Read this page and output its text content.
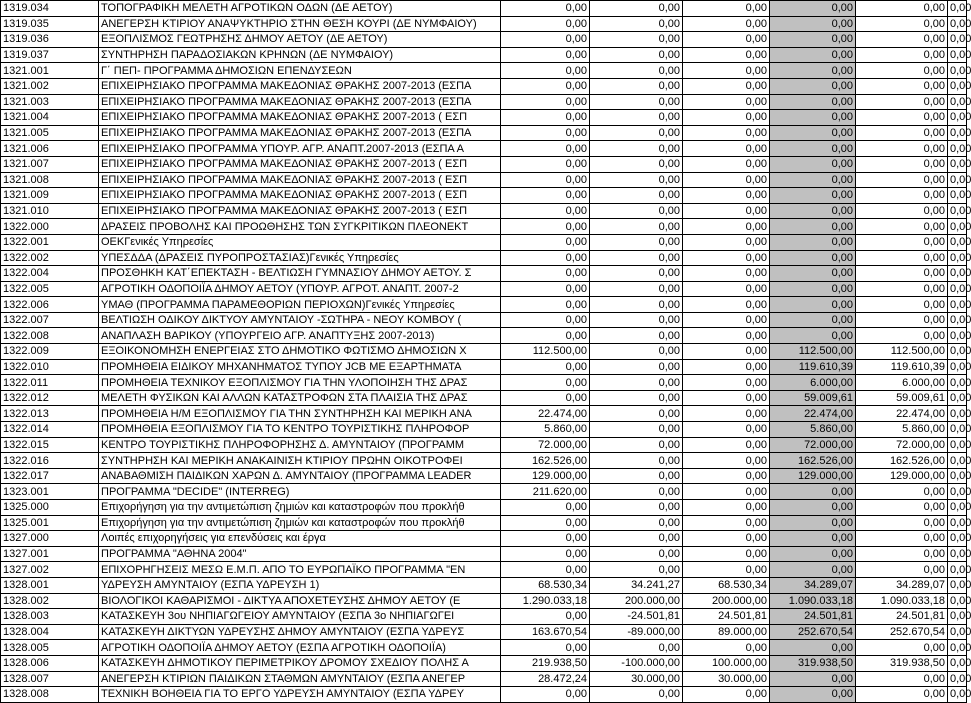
1319.034	ΤΟΠΟΓΡΑΦΙΚΗ ΜΕΛΕΤΗ ΑΓΡΟΤΙΚΩΝ ΟΔΩΝ (ΔΕ ΑΕΤΟΥ)	0,00	0,00	0,00	0,00	0,00	0,00
1319.035	ΑΝΕΓΕΡΣΗ ΚΤΙΡΙΟΥ ΑΝΑΨΥΚΤΗΡΙΟ ΣΤΗΝ ΘΕΣΗ ΚΟΥΡΙ (ΔΕ ΝΥΜΦΑΙΟΥ)	0,00	0,00	0,00	0,00	0,00	0,00
1319.036	ΕΞΟΠΛΙΣΜΟΣ ΓΕΩΤΡΗΣΗΣ ΔΗΜΟΥ ΑΕΤΟΥ (ΔΕ ΑΕΤΟΥ)	0,00	0,00	0,00	0,00	0,00	0,00
1319.037	ΣΥΝΤΗΡΗΣΗ ΠΑΡΑΔΟΣΙΑΚΩΝ ΚΡΗΝΩΝ (ΔΕ ΝΥΜΦΑΙΟΥ)	0,00	0,00	0,00	0,00	0,00	0,00
1321.001	Γ΄ ΠΕΠ- ΠΡΟΓΡΑΜΜΑ ΔΗΜΟΣΙΩΝ ΕΠΕΝΔΥΣΕΩΝ	0,00	0,00	0,00	0,00	0,00	0,00
1321.002	ΕΠΙΧΕΙΡΗΣΙΑΚΟ ΠΡΟΓΡΑΜΜΑ ΜΑΚΕΔΟΝΙΑΣ ΘΡΑΚΗΣ 2007-2013 (ΕΣΠΑ	0,00	0,00	0,00	0,00	0,00	0,00
1321.003	ΕΠΙΧΕΙΡΗΣΙΑΚΟ ΠΡΟΓΡΑΜΜΑ ΜΑΚΕΔΟΝΙΑΣ ΘΡΑΚΗΣ 2007-2013 (ΕΣΠΑ	0,00	0,00	0,00	0,00	0,00	0,00
1321.004	ΕΠΙΧΕΙΡΗΣΙΑΚΟ ΠΡΟΓΡΑΜΜΑ ΜΑΚΕΔΟΝΙΑΣ ΘΡΑΚΗΣ 2007-2013 ( ΕΣΠ	0,00	0,00	0,00	0,00	0,00	0,00
1321.005	ΕΠΙΧΕΙΡΗΣΙΑΚΟ ΠΡΟΓΡΑΜΜΑ ΜΑΚΕΔΟΝΙΑΣ ΘΡΑΚΗΣ 2007-2013 (ΕΣΠΑ	0,00	0,00	0,00	0,00	0,00	0,00
1321.006	ΕΠΙΧΕΙΡΗΣΙΑΚΟ ΠΡΟΓΡΑΜΜΑ ΥΠΟΥΡ. ΑΓΡ. ΑΝΑΠΤ.2007-2013 (ΕΣΠΑ Α	0,00	0,00	0,00	0,00	0,00	0,00
1321.007	ΕΠΙΧΕΙΡΗΣΙΑΚΟ ΠΡΟΓΡΑΜΜΑ ΜΑΚΕΔΟΝΙΑΣ ΘΡΑΚΗΣ 2007-2013 ( ΕΣΠ	0,00	0,00	0,00	0,00	0,00	0,00
1321.008	ΕΠΙΧΕΙΡΗΣΙΑΚΟ ΠΡΟΓΡΑΜΜΑ ΜΑΚΕΔΟΝΙΑΣ ΘΡΑΚΗΣ 2007-2013 ( ΕΣΠ	0,00	0,00	0,00	0,00	0,00	0,00
1321.009	ΕΠΙΧΕΙΡΗΣΙΑΚΟ ΠΡΟΓΡΑΜΜΑ ΜΑΚΕΔΟΝΙΑΣ ΘΡΑΚΗΣ 2007-2013 ( ΕΣΠ	0,00	0,00	0,00	0,00	0,00	0,00
1321.010	ΕΠΙΧΕΙΡΗΣΙΑΚΟ ΠΡΟΓΡΑΜΜΑ ΜΑΚΕΔΟΝΙΑΣ ΘΡΑΚΗΣ 2007-2013 ( ΕΣΠ	0,00	0,00	0,00	0,00	0,00	0,00
1322.000	ΔΡΑΣΕΙΣ ΠΡΟΒΟΛΗΣ ΚΑΙ ΠΡΟΩΘΗΣΗΣ ΤΩΝ ΣΥΓΚΡΙΤΙΚΩΝ ΠΛΕΟΝΕΚΤ	0,00	0,00	0,00	0,00	0,00	0,00
1322.001	ΟΕΚΓενικές Υπηρεσίες	0,00	0,00	0,00	0,00	0,00	0,00
1322.002	ΥΠΕΣΔΔΑ (ΔΡΑΣΕΙΣ ΠΥΡΟΠΡΟΣΤΑΣΙΑΣ)Γενικές Υπηρεσίες	0,00	0,00	0,00	0,00	0,00	0,00
1322.004	ΠΡΟΣΘΗΚΗ ΚΑΤ΄ΕΠΕΚΤΑΣΗ - ΒΕΛΤΙΩΣΗ ΓΥΜΝΑΣΙΟΥ ΔΗΜΟΥ ΑΕΤΟΥ. Σ	0,00	0,00	0,00	0,00	0,00	0,00
1322.005	ΑΓΡΟΤΙΚΗ ΟΔΟΠΟΙΪΑ ΔΗΜΟΥ ΑΕΤΟΥ (ΥΠΟΥΡ. ΑΓΡΟΤ. ΑΝΑΠΤ. 2007-2	0,00	0,00	0,00	0,00	0,00	0,00
1322.006	ΥΜΑΘ (ΠΡΟΓΡΑΜΜΑ ΠΑΡΑΜΕΘΟΡΙΩΝ ΠΕΡΙΟΧΩΝ)Γενικές Υπηρεσίες	0,00	0,00	0,00	0,00	0,00	0,00
1322.007	ΒΕΛΤΙΩΣΗ ΟΔΙΚΟΥ ΔΙΚΤΥΟΥ ΑΜΥΝΤΑΙΟΥ -ΣΩΤΗΡΑ - ΝΕΟΥ ΚΟΜΒΟΥ (	0,00	0,00	0,00	0,00	0,00	0,00
1322.008	ΑΝΑΠΛΑΣΗ ΒΑΡΙΚΟΥ (ΥΠΟΥΡΓΕΙΟ ΑΓΡ. ΑΝΑΠΤΥΞΗΣ 2007-2013)	0,00	0,00	0,00	0,00	0,00	0,00
1322.009	ΕΞΟΙΚΟΝΟΜΗΣΗ ΕΝΕΡΓΕΙΑΣ ΣΤΟ ΔΗΜΟΤΙΚΟ ΦΩΤΙΣΜΟ ΔΗΜΟΣΙΩΝ Χ	112.500,00	0,00	0,00	112.500,00	112.500,00	0,00
1322.010	ΠΡΟΜΗΘΕΙΑ ΕΙΔΙΚΟΥ ΜΗΧΑΝΗΜΑΤΟΣ ΤΥΠΟΥ JCB ΜΕ ΕΞΑΡΤΗΜΑΤΑ	0,00	0,00	0,00	119.610,39	119.610,39	0,00
1322.011	ΠΡΟΜΗΘΕΙΑ ΤΕΧΝΙΚΟΥ ΕΞΟΠΛΙΣΜΟΥ ΓΙΑ ΤΗΝ ΥΛΟΠΟΙΗΣΗ ΤΗΣ ΔΡΑΣ	0,00	0,00	0,00	6.000,00	6.000,00	0,00
1322.012	ΜΕΛΕΤΗ ΦΥΣΙΚΩΝ ΚΑΙ ΑΛΛΩΝ ΚΑΤΑΣΤΡΟΦΩΝ ΣΤΑ ΠΛΑΙΣΙΑ ΤΗΣ ΔΡΑΣ	0,00	0,00	0,00	59.009,61	59.009,61	0,00
1322.013	ΠΡΟΜΗΘΕΙΑ Η/Μ ΕΞΟΠΛΙΣΜΟΥ ΓΙΑ ΤΗΝ ΣΥΝΤΗΡΗΣΗ ΚΑΙ ΜΕΡΙΚΗ ΑΝΑ	22.474,00	0,00	0,00	22.474,00	22.474,00	0,00
1322.014	ΠΡΟΜΗΘΕΙΑ ΕΞΟΠΛΙΣΜΟΥ ΓΙΑ ΤΟ ΚΕΝΤΡΟ ΤΟΥΡΙΣΤΙΚΗΣ ΠΛΗΡΟΦΟΡ	5.860,00	0,00	0,00	5.860,00	5.860,00	0,00
1322.015	ΚΕΝΤΡΟ ΤΟΥΡΙΣΤΙΚΗΣ ΠΛΗΡΟΦΟΡΗΣΗΣ Δ. ΑΜΥΝΤΑΙΟΥ (ΠΡΟΓΡΑΜΜ	72.000,00	0,00	0,00	72.000,00	72.000,00	0,00
1322.016	ΣΥΝΤΗΡΗΣΗ ΚΑΙ ΜΕΡΙΚΗ ΑΝΑΚΑΙΝΙΣΗ ΚΤΙΡΙΟΥ ΠΡΩΗΝ ΟΙΚΟΤΡΟΦΕΙ	162.526,00	0,00	0,00	162.526,00	162.526,00	0,00
1322.017	ΑΝΑΒΑΘΜΙΣΗ ΠΑΙΔΙΚΩΝ ΧΑΡΩΝ Δ. ΑΜΥΝΤΑΙΟΥ (ΠΡΟΓΡΑΜΜΑ LEADER	129.000,00	0,00	0,00	129.000,00	129.000,00	0,00
1323.001	ΠΡΟΓΡΑΜΜΑ "DECIDE" (INTERREG)	211.620,00	0,00	0,00	0,00	0,00	0,00
1325.000	Επιχορήγηση για την αντιμετώπιση ζημιών και καταστροφών που προκλήθ	0,00	0,00	0,00	0,00	0,00	0,00
1325.001	Επιχορήγηση για την αντιμετώπιση ζημιών και καταστροφών που προκλήθ	0,00	0,00	0,00	0,00	0,00	0,00
1327.000	Λοιπές επιχορηγήσεις για επενδύσεις και έργα	0,00	0,00	0,00	0,00	0,00	0,00
1327.001	ΠΡΟΓΡΑΜΜΑ "ΑΘΗΝΑ 2004"	0,00	0,00	0,00	0,00	0,00	0,00
1327.002	ΕΠΙΧΟΡΗΓΗΣΕΙΣ ΜΕΣΩ Ε.Μ.Π. ΑΠΟ ΤΟ ΕΥΡΩΠΑΪΚΟ ΠΡΟΓΡΑΜΜΑ "ΕΝ	0,00	0,00	0,00	0,00	0,00	0,00
1328.001	ΥΔΡΕΥΣΗ ΑΜΥΝΤΑΙΟΥ (ΕΣΠΑ ΥΔΡΕΥΣΗ 1)	68.530,34	34.241,27	68.530,34	34.289,07	34.289,07	0,00
1328.002	ΒΙΟΛΟΓΙΚΟΙ ΚΑΘΑΡΙΣΜΟΙ - ΔΙΚΤΥΑ ΑΠΟΧΕΤΕΥΣΗΣ ΔΗΜΟΥ ΑΕΤΟΥ (Ε	1.290.033,18	200.000,00	200.000,00	1.090.033,18	1.090.033,18	0,00
1328.003	ΚΑΤΑΣΚΕΥΗ 3ου ΝΗΠΙΑΓΩΓΕΙΟΥ ΑΜΥΝΤΑΙΟΥ (ΕΣΠΑ 3ο ΝΗΠΙΑΓΩΓΕΙ	0,00	-24.501,81	24.501,81	24.501,81	24.501,81	0,00
1328.004	ΚΑΤΑΣΚΕΥΗ ΔΙΚΤΥΩΝ ΥΔΡΕΥΣΗΣ ΔΗΜΟΥ ΑΜΥΝΤΑΙΟΥ (ΕΣΠΑ ΥΔΡΕΥΣ	163.670,54	-89.000,00	89.000,00	252.670,54	252.670,54	0,00
1328.005	ΑΓΡΟΤΙΚΗ ΟΔΟΠΟΙΪΑ ΔΗΜΟΥ ΑΕΤΟΥ (ΕΣΠΑ ΑΓΡΟΤΙΚΗ ΟΔΟΠΟΙΪΑ)	0,00	0,00	0,00	0,00	0,00	0,00
1328.006	ΚΑΤΑΣΚΕΥΗ ΔΗΜΟΤΙΚΟΥ ΠΕΡΙΜΕΤΡΙΚΟΥ ΔΡΟΜΟΥ ΣΧΕΔΙΟΥ ΠΟΛΗΣ Α	219.938,50	-100.000,00	100.000,00	319.938,50	319.938,50	0,00
1328.007	ΑΝΕΓΕΡΣΗ ΚΤΙΡΙΩΝ ΠΑΙΔΙΚΩΝ ΣΤΑΘΜΩΝ ΑΜΥΝΤΑΙΟΥ (ΕΣΠΑ ΑΝΕΓΕΡ	28.472,24	30.000,00	30.000,00	0,00	0,00	0,00
1328.008	ΤΕΧΝΙΚΗ ΒΟΗΘΕΙΑ ΓΙΑ ΤΟ ΕΡΓΟ ΥΔΡΕΥΣΗ ΑΜΥΝΤΑΙΟΥ (ΕΣΠΑ ΥΔΡΕΥ	0,00	0,00	0,00	0,00	0,00	0,00
